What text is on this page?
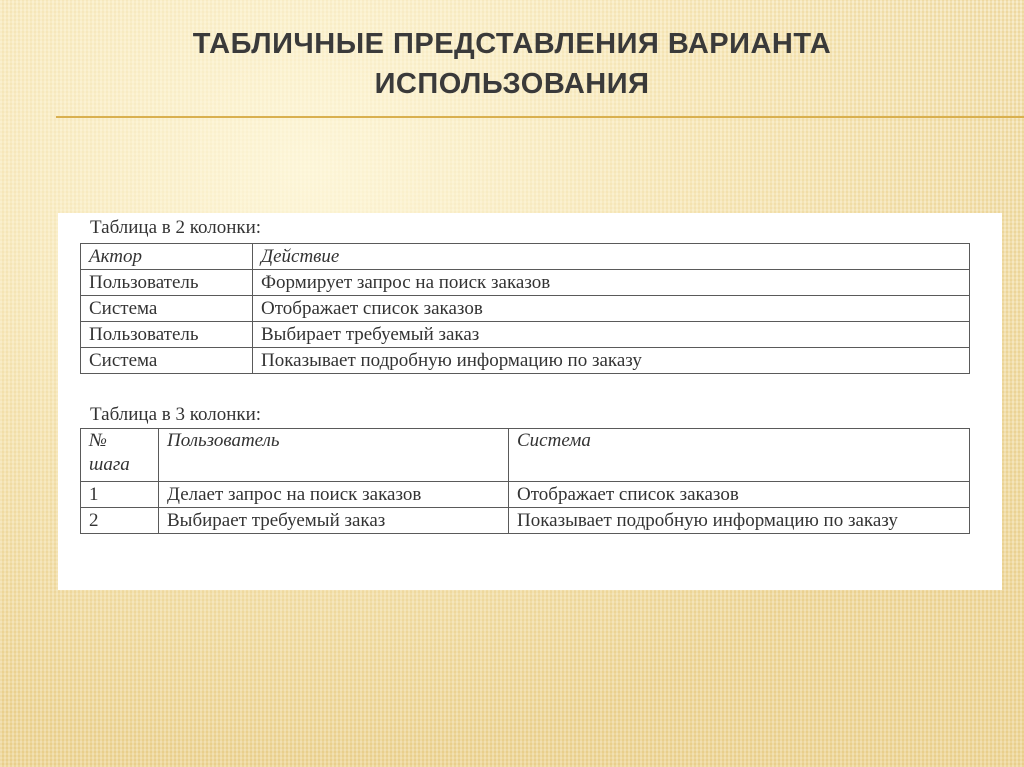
ТАБЛИЧНЫЕ ПРЕДСТАВЛЕНИЯ ВАРИАНТА
ИСПОЛЬЗОВАНИЯ
Таблица в 2 колонки:
Актор	Действие
Пользователь	Формирует запрос на поиск заказов
Система	Отображает список заказов
Пользователь	Выбирает требуемый заказ
Система	Показывает подробную информацию по заказу
Таблица в 3 колонки:
№ шага	Пользователь	Система
1	Делает запрос на поиск заказов	Отображает список заказов
2	Выбирает требуемый заказ	Показывает подробную информацию по заказу
